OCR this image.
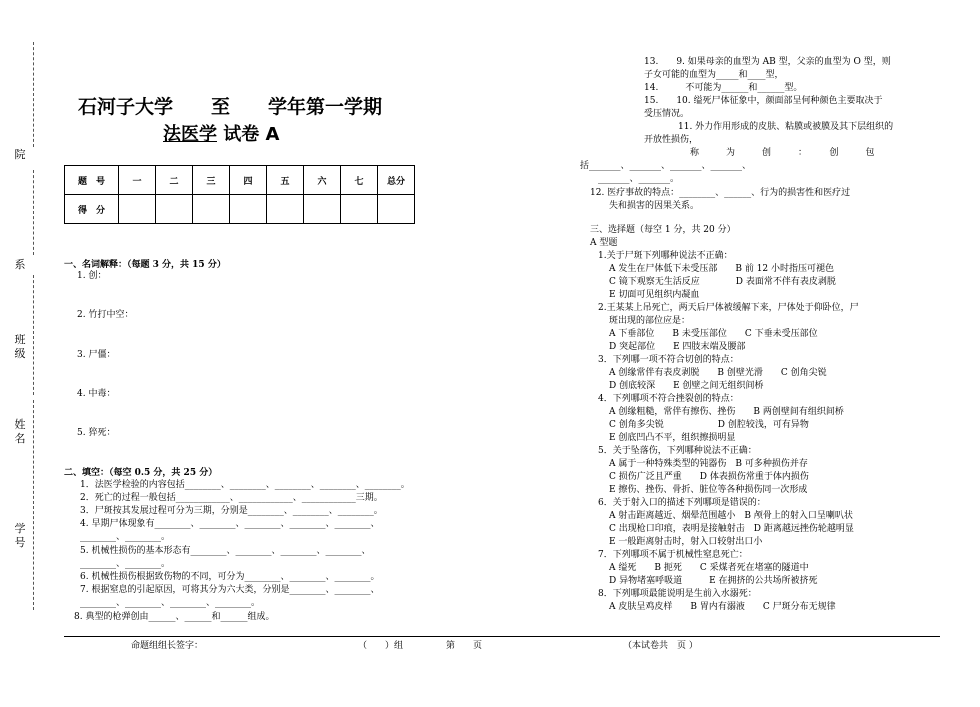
院
系
班级
姓名
学号
石河子大学　　至　　学年第一学期
法医学 试卷 A
题　号	一	二	三	四	五	六	七	总分
得　分								
一、名词解释：（每题 3 分，共 15 分）
1. 创：
2. 竹打中空：
3. 尸僵：
4. 中毒：
5. 猝死：
二、填空：（每空 0.5 分，共 25 分）
1．法医学检验的内容包括________、________、________、________、________。
2．死亡的过程一般包括____________、____________、____________三期。
3．尸斑按其发展过程可分为三期，分别是________、________、________。
4. 早期尸体现象有________、________、________、________、________、
________、________。
5. 机械性损伤的基本形态有________、________、________、________、
________、________。
6. 机械性损伤根据致伤物的不同，可分为________、________、________。
7. 根据窒息的引起原因，可将其分为六大类，分别是________、________、
________、________、________、________。
8. 典型的枪弹创由______、______和______组成。
13.　　9. 如果母亲的血型为 AB 型，父亲的血型为 O 型，则
子女可能的血型为_____和____型，
14.　　　不可能为______和______型。
15.　　10. 缢死尸体征象中，颜面部呈何种颜色主要取决于
受压情况。
11. 外力作用形成的皮肤、粘膜或被膜及其下层组织的
开放性损伤，
称　　　为　　　创　　　：　　　创　　　包
括_______、_______、_______、_______、
_______、_______。
12. 医疗事故的特点：________、______、行为的损害性和医疗过
失和损害的因果关系。
三、选择题（每空 1 分，共 20 分）
A 型题
1.关于尸斑下列哪种说法不正确：
A 发生在尸体低下未受压部　　B 前 12 小时指压可褪色
C 镜下观察无生活反应　　　　D 表面常不伴有表皮剥脱
E 切面可见组织内凝血
2.王某某上吊死亡，两天后尸体被缓解下来，尸体处于仰卧位，尸
斑出现的部位应是：
A 下垂部位　　B 未受压部位　　C 下垂未受压部位
D 突起部位　　E 四肢末端及腰部
3．下列哪一项不符合切创的特点：
A 创缘常伴有表皮剥脱　　B 创壁光滑　　C 创角尖锐
D 创底较深　　E 创壁之间无组织间桥
4．下列哪项不符合挫裂创的特点：
A 创缘粗糙，常伴有擦伤、挫伤　　B 两创壁间有组织间桥
C 创角多尖锐　　　　　　D 创腔较浅，可有异物
E 创底凹凸不平，组织擦损明显
5．关于坠落伤，下列哪种说法不正确：
A 属于一种特殊类型的钝器伤　B 可多种损伤并存
C 损伤广泛且严重　　D 体表损伤常重于体内损伤
E 擦伤、挫伤、骨折、脏位等各种损伤同一次形成
6．关于射入口的描述下列哪项是错误的：
A 射击距离越近、烟晕范围越小　B 颅骨上的射入口呈喇叭状
C 出现枪口印痕，表明是接触射击　D 距离越远挫伤轮越明显
E 一般距离射击时，射入口较射出口小
7．下列哪项不属于机械性窒息死亡：
A 缢死　　B 扼死　　C 采煤者死在堵塞的隧道中
D 异物堵塞呼吸道　　　E 在拥挤的公共场所被挤死
8．下列哪项最能说明是生前入水溺死：
A 皮肤呈鸡皮样　　B 胃内有溺液　　C 尸斑分布无规律
命题组组长签字：	（　　）组	第　　页	（本试卷共　页 ）
